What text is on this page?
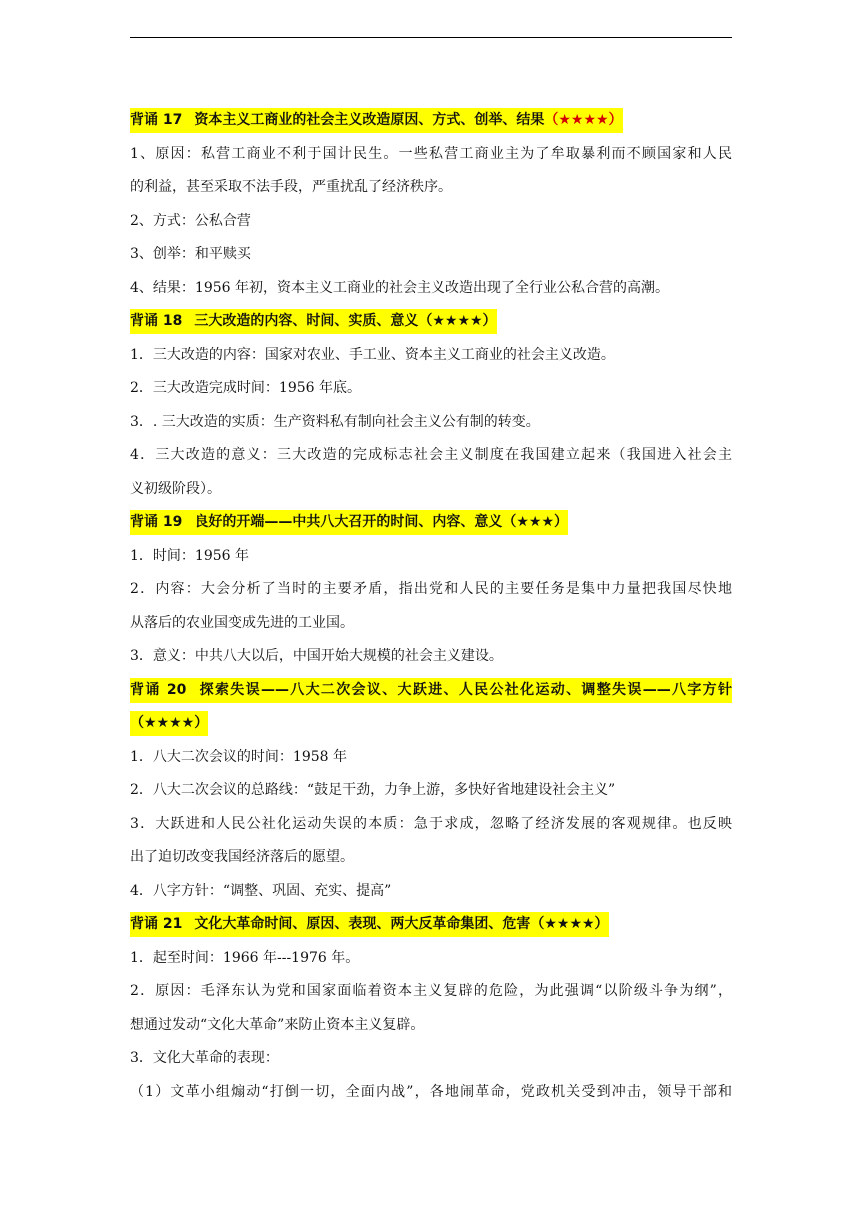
背诵 17 资本主义工商业的社会主义改造原因、方式、创举、结果（★★★★）
1、原因：私营工商业不利于国计民生。一些私营工商业主为了牟取暴利而不顾国家和人民
的利益，甚至采取不法手段，严重扰乱了经济秩序。
2、方式：公私合营
3、创举：和平赎买
4、结果：1956 年初，资本主义工商业的社会主义改造出现了全行业公私合营的高潮。
背诵 18 三大改造的内容、时间、实质、意义（★★★★）
1．三大改造的内容：国家对农业、手工业、资本主义工商业的社会主义改造。
2．三大改造完成时间：1956 年底。
3．. 三大改造的实质：生产资料私有制向社会主义公有制的转变。
4．三大改造的意义：三大改造的完成标志社会主义制度在我国建立起来（我国进入社会主
义初级阶段）。
背诵 19 良好的开端——中共八大召开的时间、内容、意义（★★★）
1．时间：1956 年
2．内容：大会分析了当时的主要矛盾，指出党和人民的主要任务是集中力量把我国尽快地
从落后的农业国变成先进的工业国。
3．意义：中共八大以后，中国开始大规模的社会主义建设。
背诵 20 探索失误——八大二次会议、大跃进、人民公社化运动、调整失误——八字方针
（★★★★）
1．八大二次会议的时间：1958 年
2．八大二次会议的总路线：“鼓足干劲，力争上游，多快好省地建设社会主义”
3．大跃进和人民公社化运动失误的本质：急于求成，忽略了经济发展的客观规律。也反映
出了迫切改变我国经济落后的愿望。
4．八字方针：“调整、巩固、充实、提高”
背诵 21 文化大革命时间、原因、表现、两大反革命集团、危害（★★★★）
1．起至时间：1966 年---1976 年。
2．原因：毛泽东认为党和国家面临着资本主义复辟的危险，为此强调“以阶级斗争为纲”，
想通过发动“文化大革命”来防止资本主义复辟。
3．文化大革命的表现：
（1）文革小组煽动“打倒一切，全面内战”，各地闹革命，党政机关受到冲击，领导干部和
